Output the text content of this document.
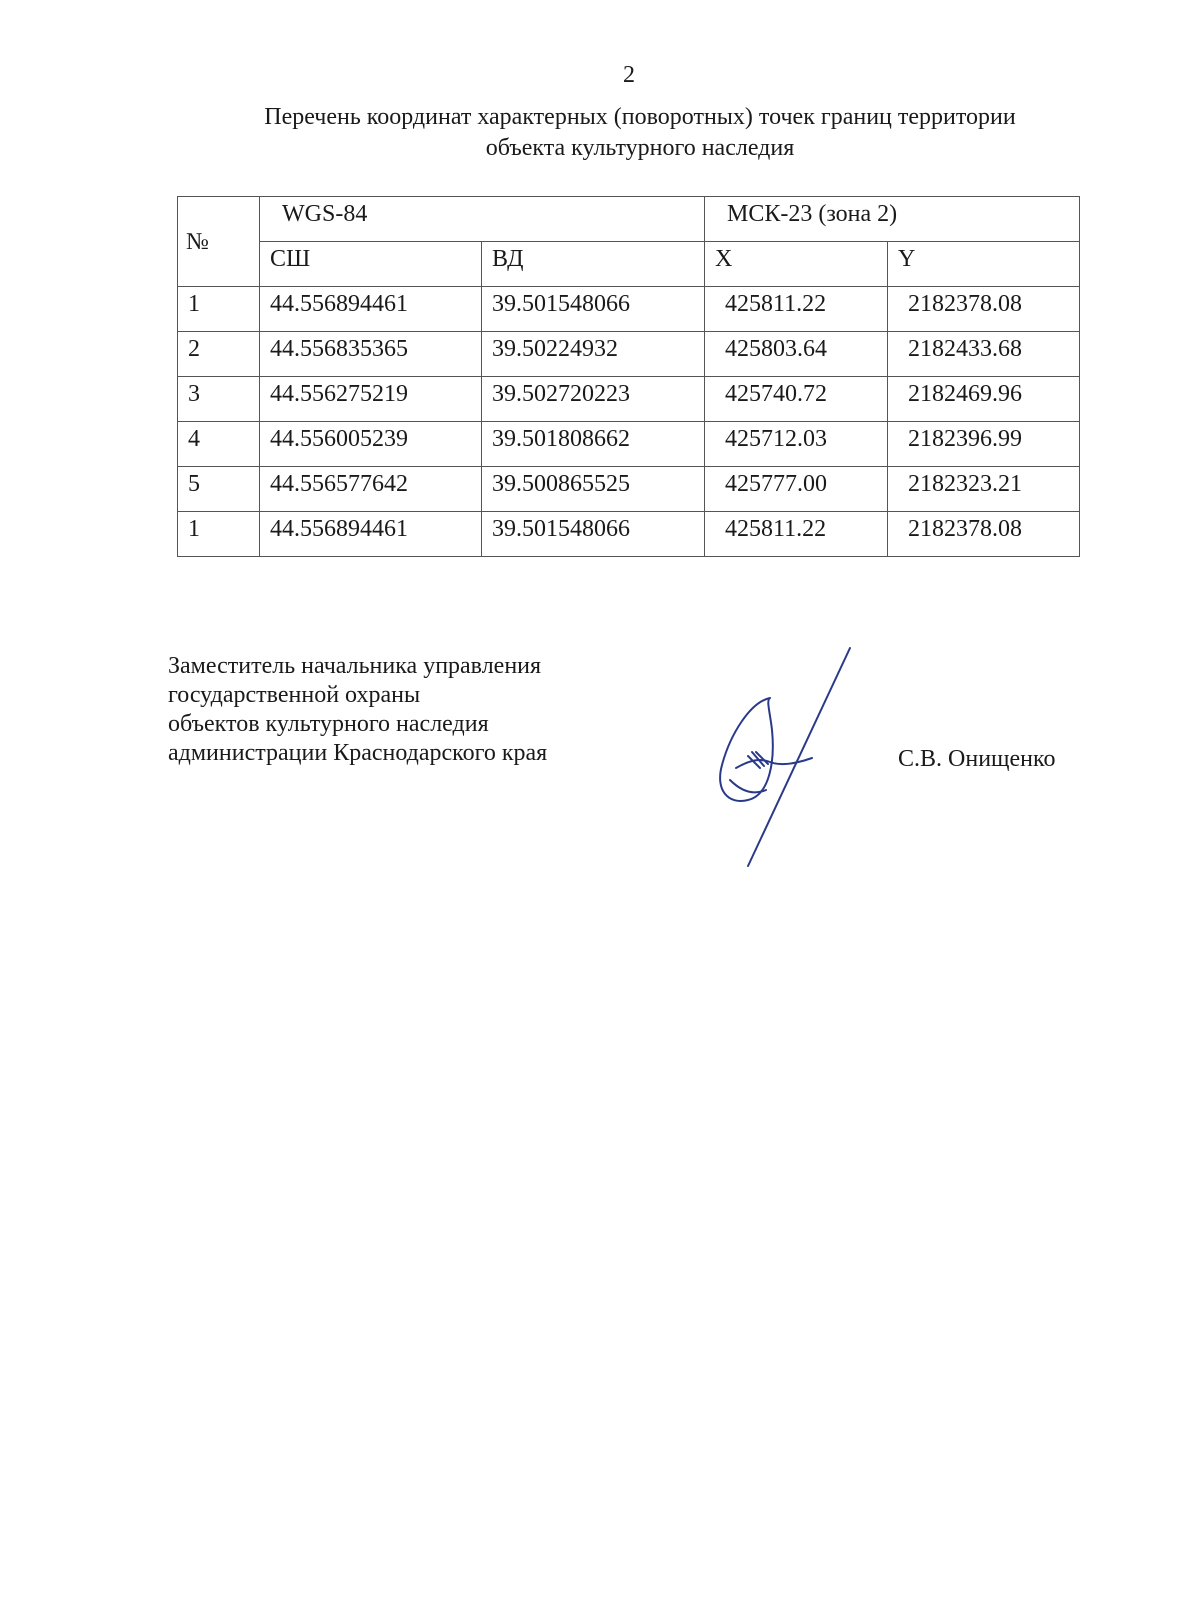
2
Перечень координат характерных (поворотных) точек границ территории
объекта культурного наследия
№	WGS-84		МСК-23 (зона 2)	
	СШ	ВД	X	Y
1	44.556894461	39.501548066	425811.22	2182378.08
2	44.556835365	39.50224932	425803.64	2182433.68
3	44.556275219	39.502720223	425740.72	2182469.96
4	44.556005239	39.501808662	425712.03	2182396.99
5	44.556577642	39.500865525	425777.00	2182323.21
1	44.556894461	39.501548066	425811.22	2182378.08
Заместитель начальника управления
государственной охраны
объектов культурного наследия
администрации Краснодарского края	С.В. Онищенко
